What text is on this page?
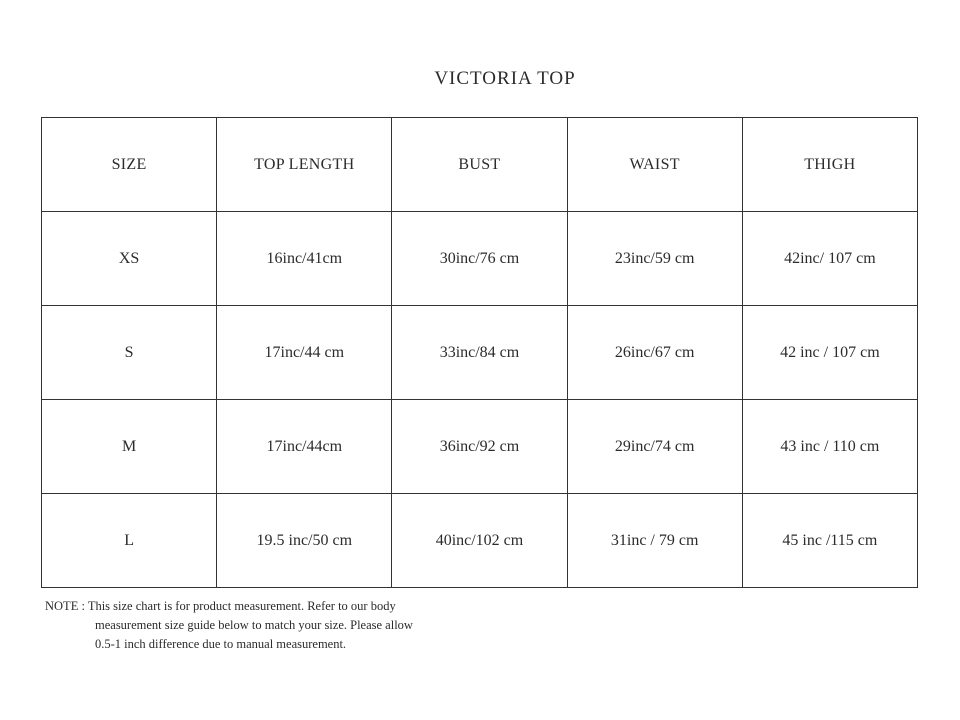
VICTORIA TOP
SIZE	TOP LENGTH	BUST	WAIST	THIGH
XS	16inc/41cm	30inc/76 cm	23inc/59 cm	42inc/ 107 cm
S	17inc/44 cm	33inc/84 cm	26inc/67 cm	42 inc / 107 cm
M	17inc/44cm	36inc/92 cm	29inc/74 cm	43 inc / 110 cm
L	19.5 inc/50 cm	40inc/102 cm	31inc / 79 cm	45 inc /115 cm
NOTE : This size chart is for product measurement. Refer to our body
measurement size guide below to match your size. Please allow
0.5-1 inch difference due to manual measurement.
